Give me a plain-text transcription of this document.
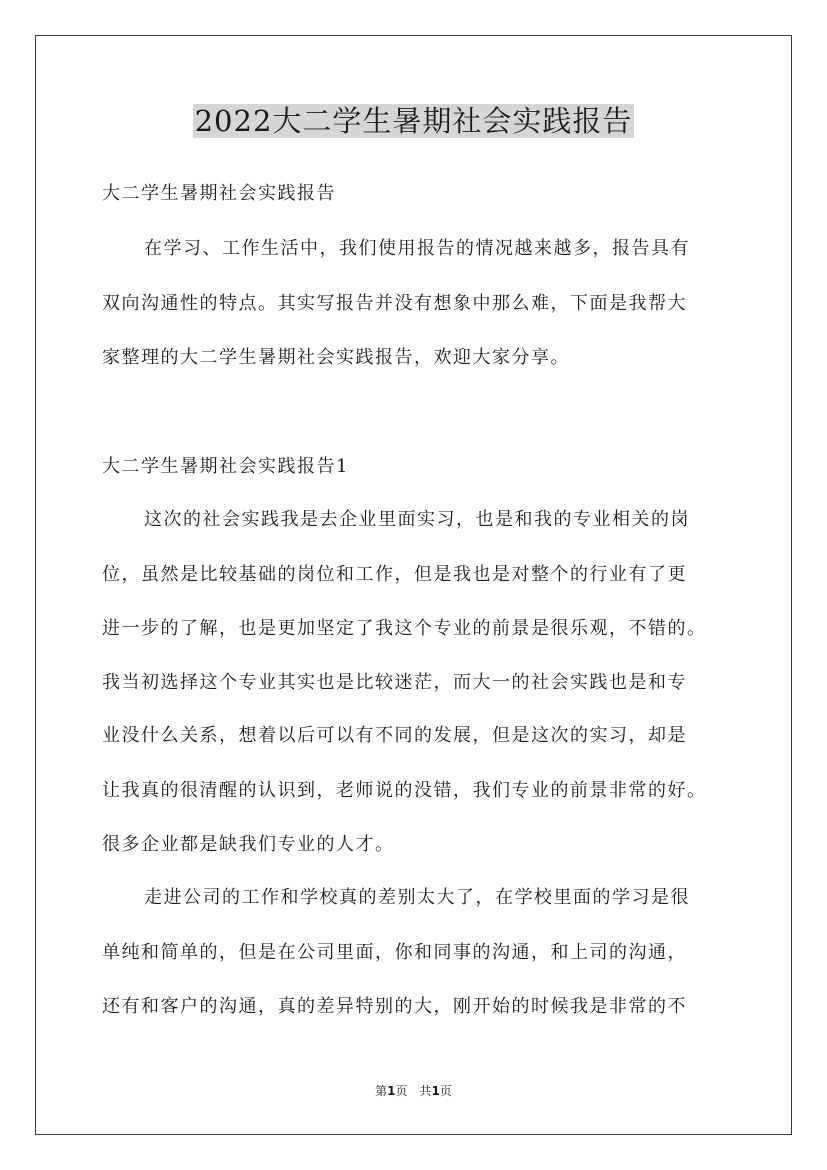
2022大二学生暑期社会实践报告
大二学生暑期社会实践报告
在学习、工作生活中，我们使用报告的情况越来越多，报告具有
双向沟通性的特点。其实写报告并没有想象中那么难，下面是我帮大
家整理的大二学生暑期社会实践报告，欢迎大家分享。
大二学生暑期社会实践报告1
这次的社会实践我是去企业里面实习，也是和我的专业相关的岗
位，虽然是比较基础的岗位和工作，但是我也是对整个的行业有了更
进一步的了解，也是更加坚定了我这个专业的前景是很乐观，不错的。
我当初选择这个专业其实也是比较迷茫，而大一的社会实践也是和专
业没什么关系，想着以后可以有不同的发展，但是这次的实习，却是
让我真的很清醒的认识到，老师说的没错，我们专业的前景非常的好。
很多企业都是缺我们专业的人才。
走进公司的工作和学校真的差别太大了，在学校里面的学习是很
单纯和简单的，但是在公司里面，你和同事的沟通，和上司的沟通，
还有和客户的沟通，真的差异特别的大，刚开始的时候我是非常的不
第1页　共1页
